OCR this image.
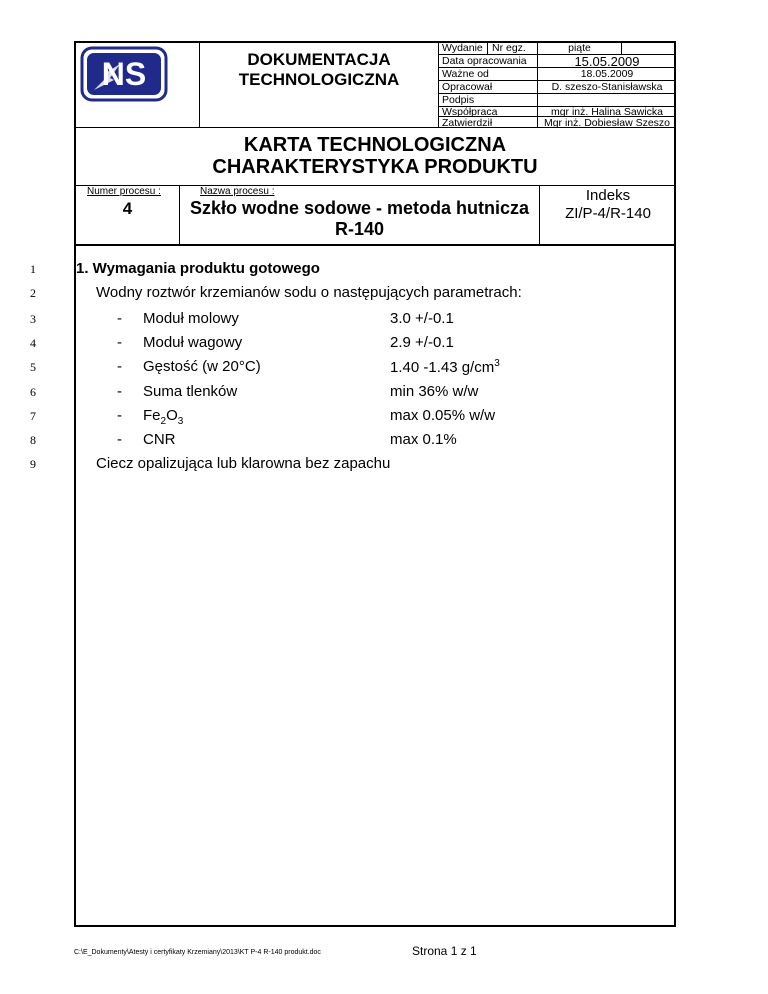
NS	DOKUMENTACJA
TECHNOLOGICZNA
Wydanie Nr egz.	piąte
Data opracowania	15.05.2009
Ważne od	18.05.2009
Opracował	D. szeszo-Stanisławska
Podpis
Współpraca	mgr inż. Halina Sawicka
Zatwierdził	Mgr inż. Dobiesław Szeszo
KARTA TECHNOLOGICZNA
CHARAKTERYSTYKA PRODUKTU
Numer procesu :
4
Nazwa procesu :
Szkło wodne sodowe - metoda hutnicza
R-140
Indeks
ZI/P-4/R-140
1
2
3
4
5
6
7
8
9
1. Wymagania produktu gotowego
Wodny roztwór krzemianów sodu o następujących parametrach:
- Moduł molowy	3.0 +/-0.1
- Moduł wagowy	2.9 +/-0.1
- Gęstość (w 20°C)	1.40 -1.43 $g/cm^3$
- Suma tlenków	min 36% w/w
- $Fe_2O_3$	max 0.05% w/w
- CNR	max 0.1%
Ciecz opalizująca lub klarowna bez zapachu
C:\E_Dokumenty\Atesty i certyfikaty Krzemiany\2013\KT P-4 R-140 produkt.doc	Strona 1 z 1
